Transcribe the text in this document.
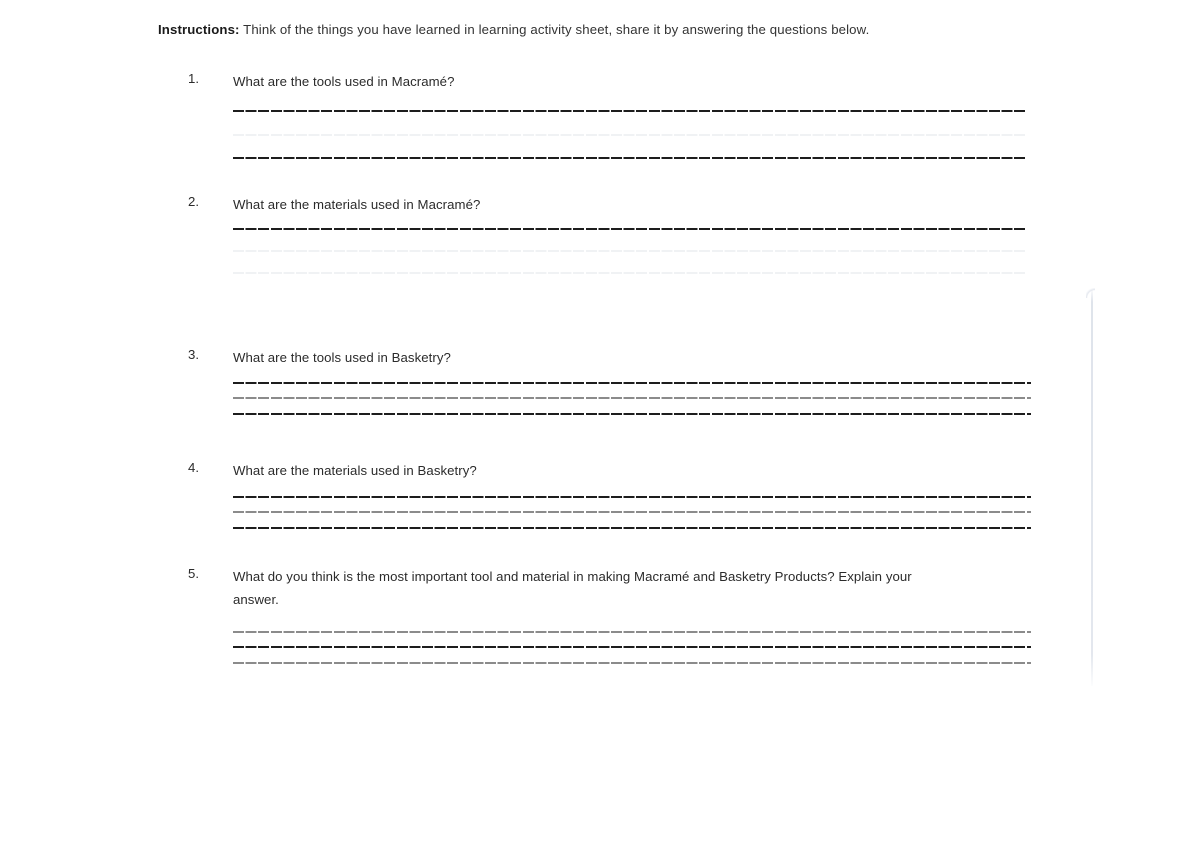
Instructions: Think of the things you have learned in learning activity sheet, share it by answering the questions below.
1.	What are the tools used in Macramé?
2.	What are the materials used in Macramé?
3.	What are the tools used in Basketry?
4.	What are the materials used in Basketry?
5.	What do you think is the most important tool and material in making Macramé and Basketry Products? Explain your answer.
